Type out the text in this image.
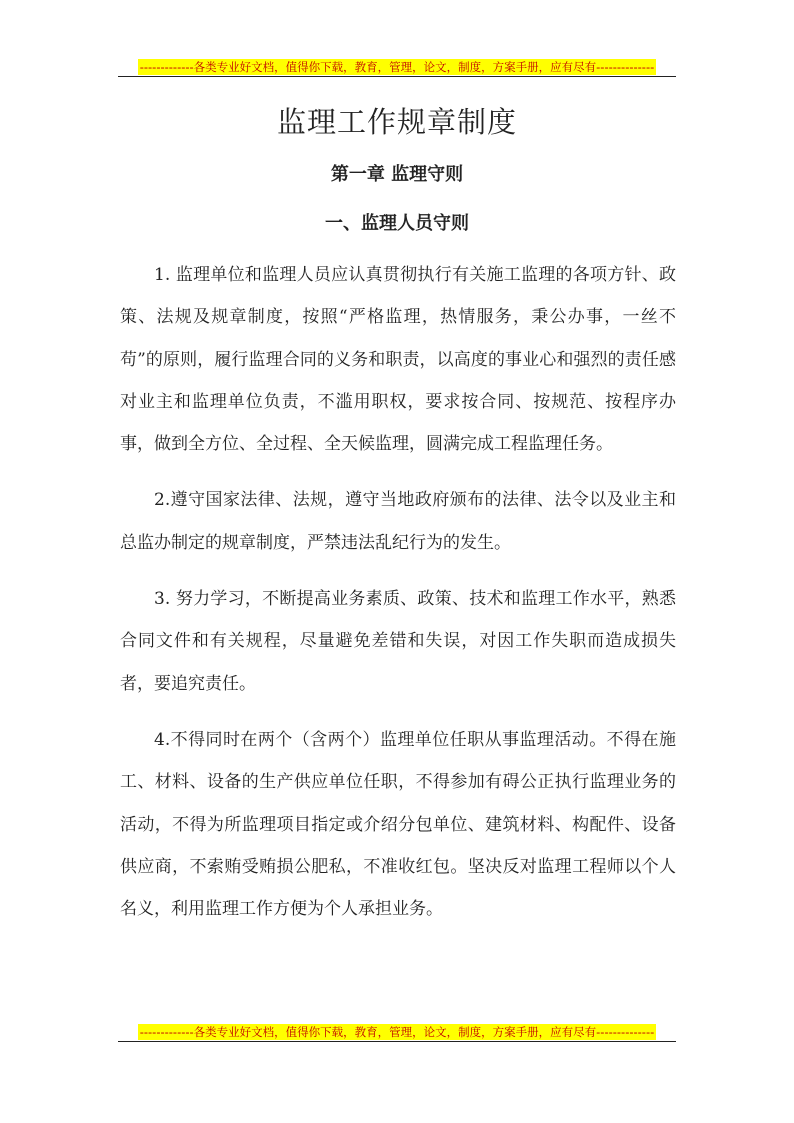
-------------各类专业好文档，值得你下载，教育，管理，论文，制度，方案手册，应有尽有--------------
监理工作规章制度
第一章 监理守则
一、监理人员守则

1. 监理单位和监理人员应认真贯彻执行有关施工监理的各项方针、政策、法规及规章制度，按照“严格监理，热情服务，秉公办事，一丝不苟”的原则，履行监理合同的义务和职责，以高度的事业心和强烈的责任感对业主和监理单位负责，不滥用职权，要求按合同、按规范、按程序办事，做到全方位、全过程、全天候监理，圆满完成工程监理任务。

2.遵守国家法律、法规，遵守当地政府颁布的法律、法令以及业主和总监办制定的规章制度，严禁违法乱纪行为的发生。

3. 努力学习，不断提高业务素质、政策、技术和监理工作水平，熟悉合同文件和有关规程，尽量避免差错和失误，对因工作失职而造成损失者，要追究责任。

4.不得同时在两个（含两个）监理单位任职从事监理活动。不得在施工、材料、设备的生产供应单位任职，不得参加有碍公正执行监理业务的活动，不得为所监理项目指定或介绍分包单位、建筑材料、构配件、设备供应商，不索贿受贿损公肥私，不准收红包。坚决反对监理工程师以个人名义，利用监理工作方便为个人承担业务。

-------------各类专业好文档，值得你下载，教育，管理，论文，制度，方案手册，应有尽有--------------
